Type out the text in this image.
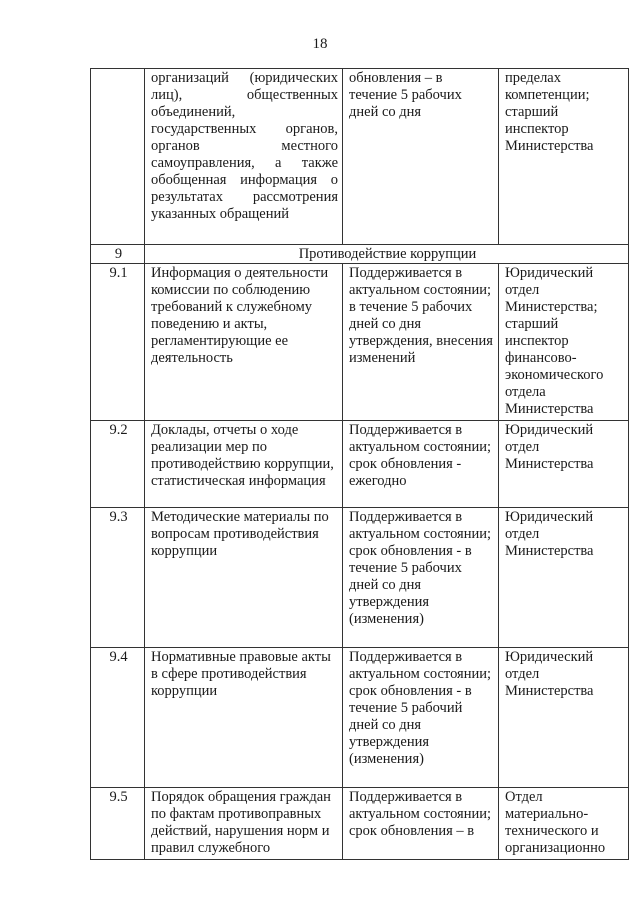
18
	организаций (юридических лиц), общественных объединений, государственных органов, органов местного самоуправления, а также обобщенная информация о результатах рассмотрения указанных обращений	обновления – в течение 5 рабочих дней со дня	пределах компетенции; старший инспектор Министерства
9	Противодействие коррупции		
9.1	Информация о деятельности комиссии по соблюдению требований к служебному поведению и акты, регламентирующие ее деятельность	Поддерживается в актуальном состоянии; в течение 5 рабочих дней со дня утверждения, внесения изменений	Юридический отдел Министерства; старший инспектор финансово-экономического отдела Министерства
9.2	Доклады, отчеты о ходе реализации мер по противодействию коррупции, статистическая информация	Поддерживается в актуальном состоянии; срок обновления - ежегодно	Юридический отдел Министерства
9.3	Методические материалы по вопросам противодействия коррупции	Поддерживается в актуальном состоянии; срок обновления - в течение 5 рабочих дней со дня утверждения (изменения)	Юридический отдел Министерства
9.4	Нормативные правовые акты в сфере противодействия коррупции	Поддерживается в актуальном состоянии; срок обновления - в течение 5 рабочий дней со дня утверждения (изменения)	Юридический отдел Министерства
9.5	Порядок обращения граждан по фактам противоправных действий, нарушения норм и правил служебного	Поддерживается в актуальном состоянии; срок обновления – в	Отдел материально-технического и организационно
